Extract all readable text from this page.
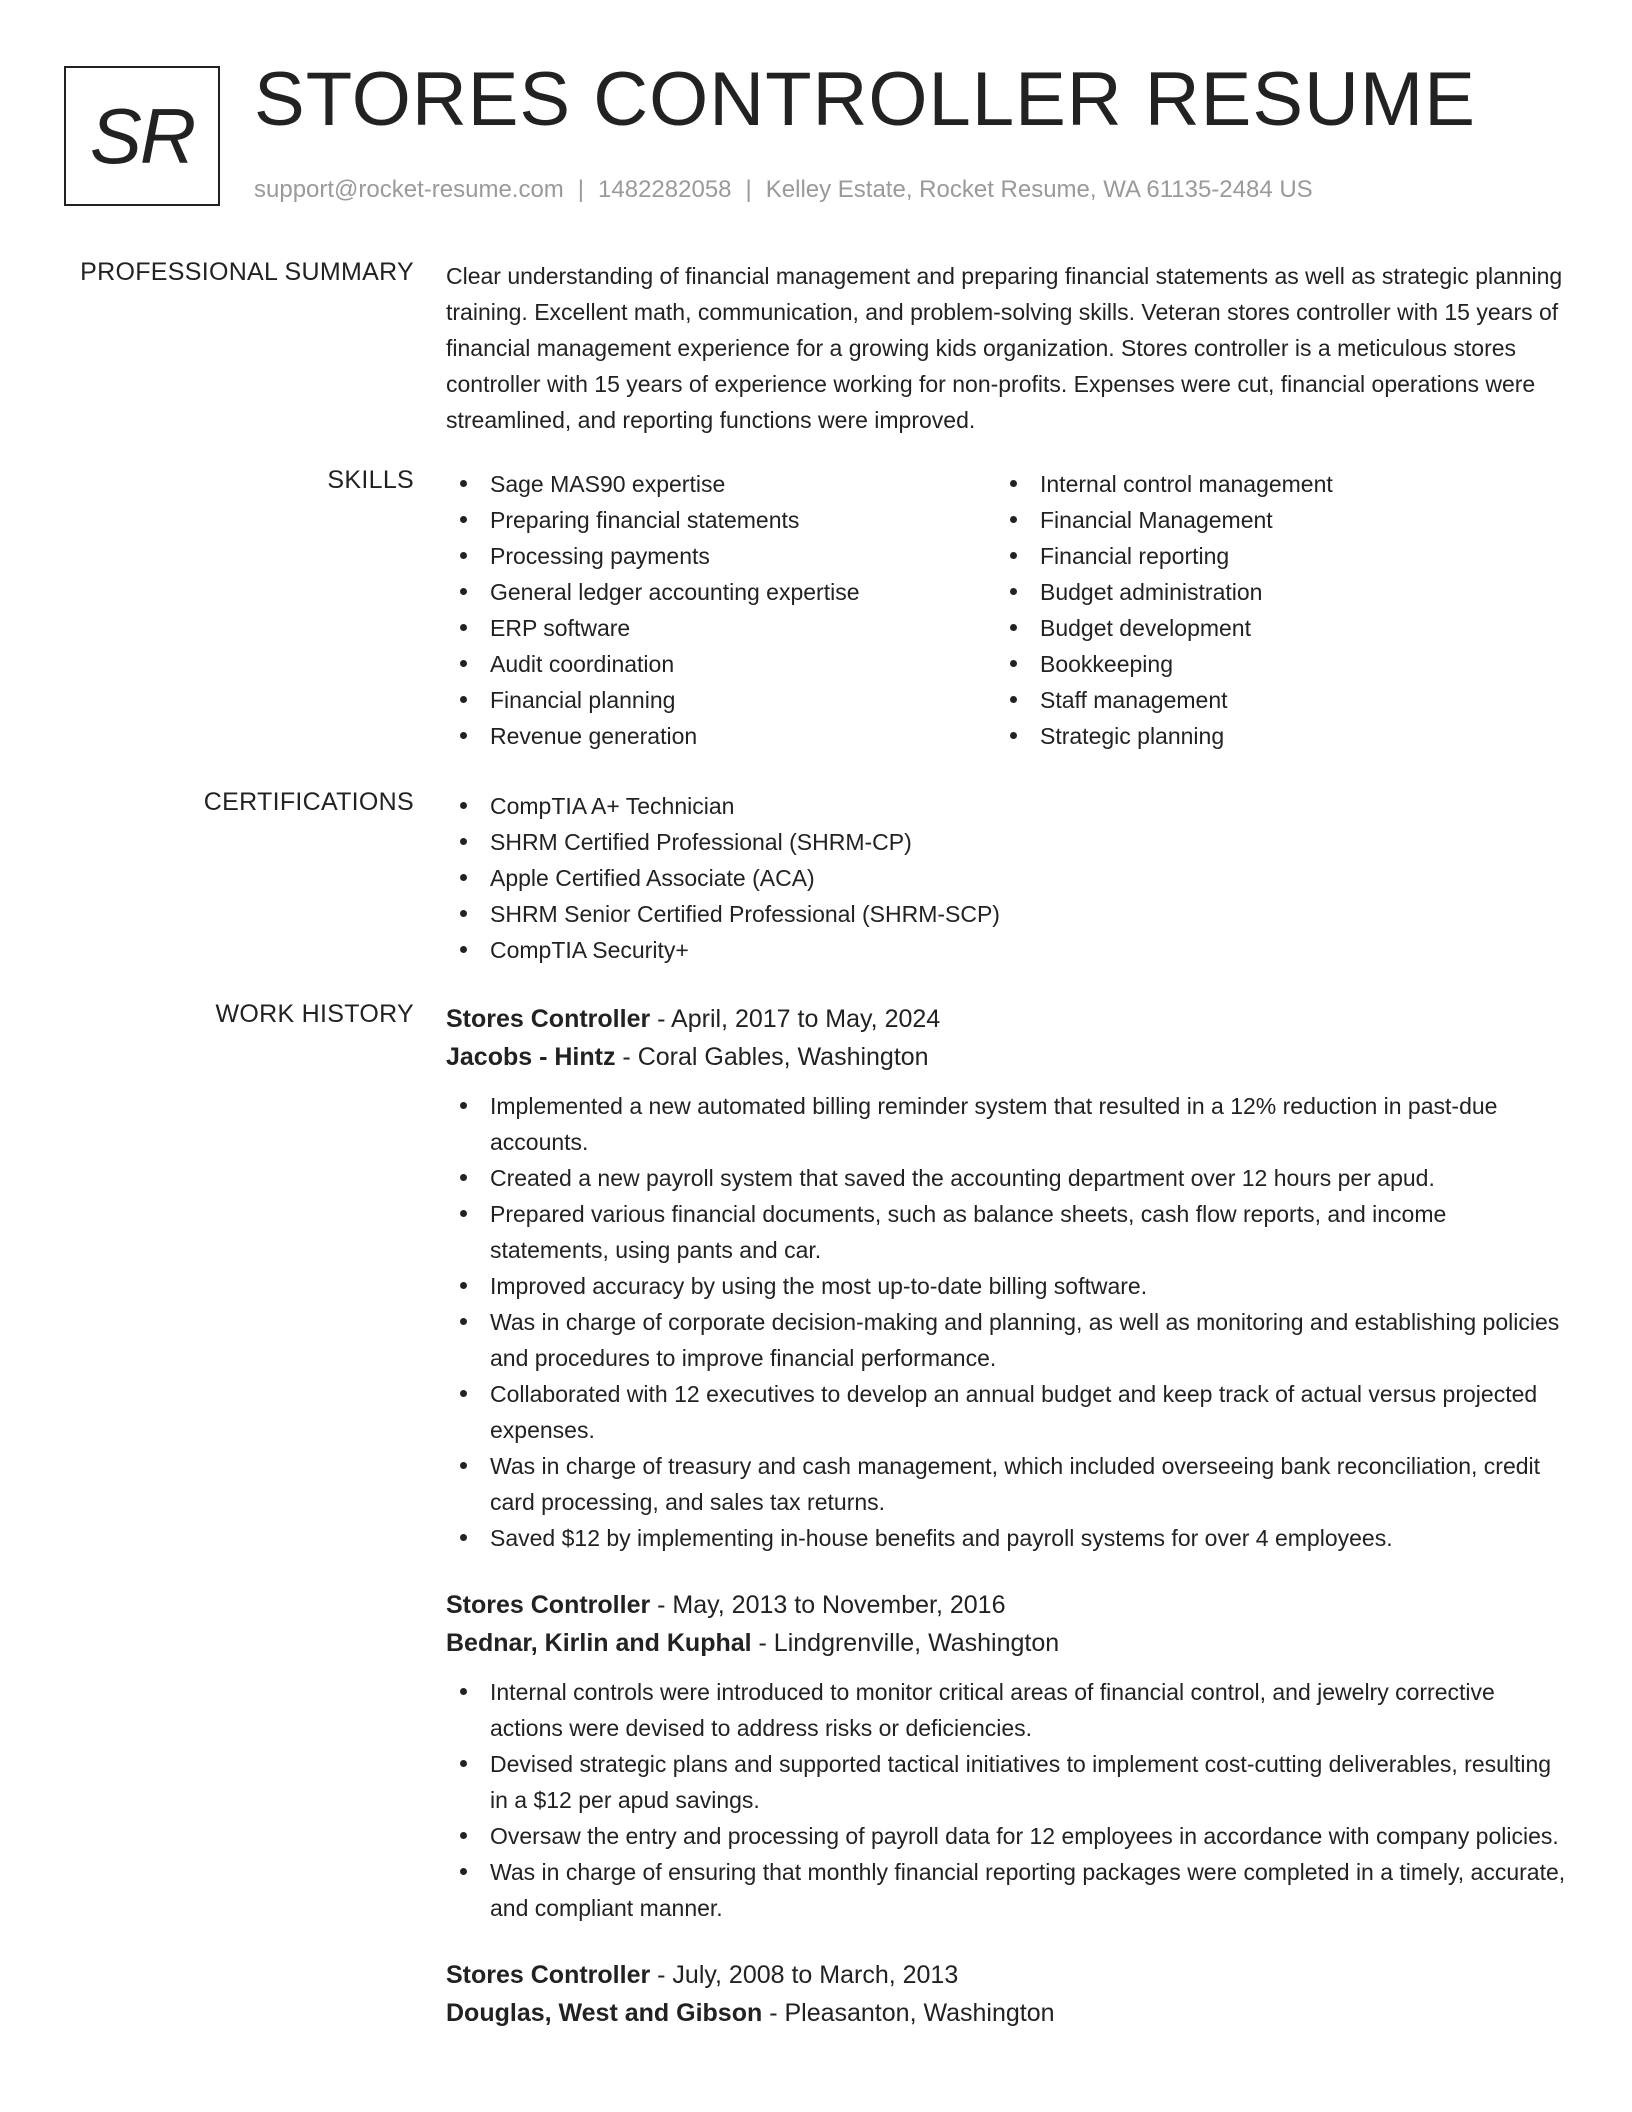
SR STORES CONTROLLER RESUME
support@rocket-resume.com | 1482282058 | Kelley Estate, Rocket Resume, WA 61135-2484 US
PROFESSIONAL SUMMARY Clear understanding of financial management and preparing financial statements as well as strategic planning training. Excellent math, communication, and problem-solving skills. Veteran stores controller with 15 years of financial management experience for a growing kids organization. Stores controller is a meticulous stores controller with 15 years of experience working for non-profits. Expenses were cut, financial operations were streamlined, and reporting functions were improved.

SKILLS	Sage MAS90 expertise
Preparing financial statements
Processing payments
General ledger accounting expertise
ERP software
Audit coordination
Financial planning
Revenue generation
Internal control management
Financial Management
Financial reporting
Budget administration
Budget development
Bookkeeping
Staff management
Strategic planning
CERTIFICATIONS	CompTIA A+ Technician
SHRM Certified Professional (SHRM-CP)
Apple Certified Associate (ACA)
SHRM Senior Certified Professional (SHRM-SCP)
CompTIA Security+
WORK HISTORY Stores Controller - April, 2017 to May, 2024
Jacobs - Hintz - Coral Gables, Washington
Implemented a new automated billing reminder system that resulted in a 12% reduction in past-due accounts.
Created a new payroll system that saved the accounting department over 12 hours per apud.
Prepared various financial documents, such as balance sheets, cash flow reports, and income statements, using pants and car.
Improved accuracy by using the most up-to-date billing software.
Was in charge of corporate decision-making and planning, as well as monitoring and establishing policies and procedures to improve financial performance.
Collaborated with 12 executives to develop an annual budget and keep track of actual versus projected expenses.
Was in charge of treasury and cash management, which included overseeing bank reconciliation, credit card processing, and sales tax returns.
Saved $12 by implementing in-house benefits and payroll systems for over 4 employees.
Stores Controller - May, 2013 to November, 2016
Bednar, Kirlin and Kuphal - Lindgrenville, Washington
Internal controls were introduced to monitor critical areas of financial control, and jewelry corrective actions were devised to address risks or deficiencies.
Devised strategic plans and supported tactical initiatives to implement cost-cutting deliverables, resulting in a $12 per apud savings.
Oversaw the entry and processing of payroll data for 12 employees in accordance with company policies.
Was in charge of ensuring that monthly financial reporting packages were completed in a timely, accurate, and compliant manner.
Stores Controller - July, 2008 to March, 2013
Douglas, West and Gibson - Pleasanton, Washington
